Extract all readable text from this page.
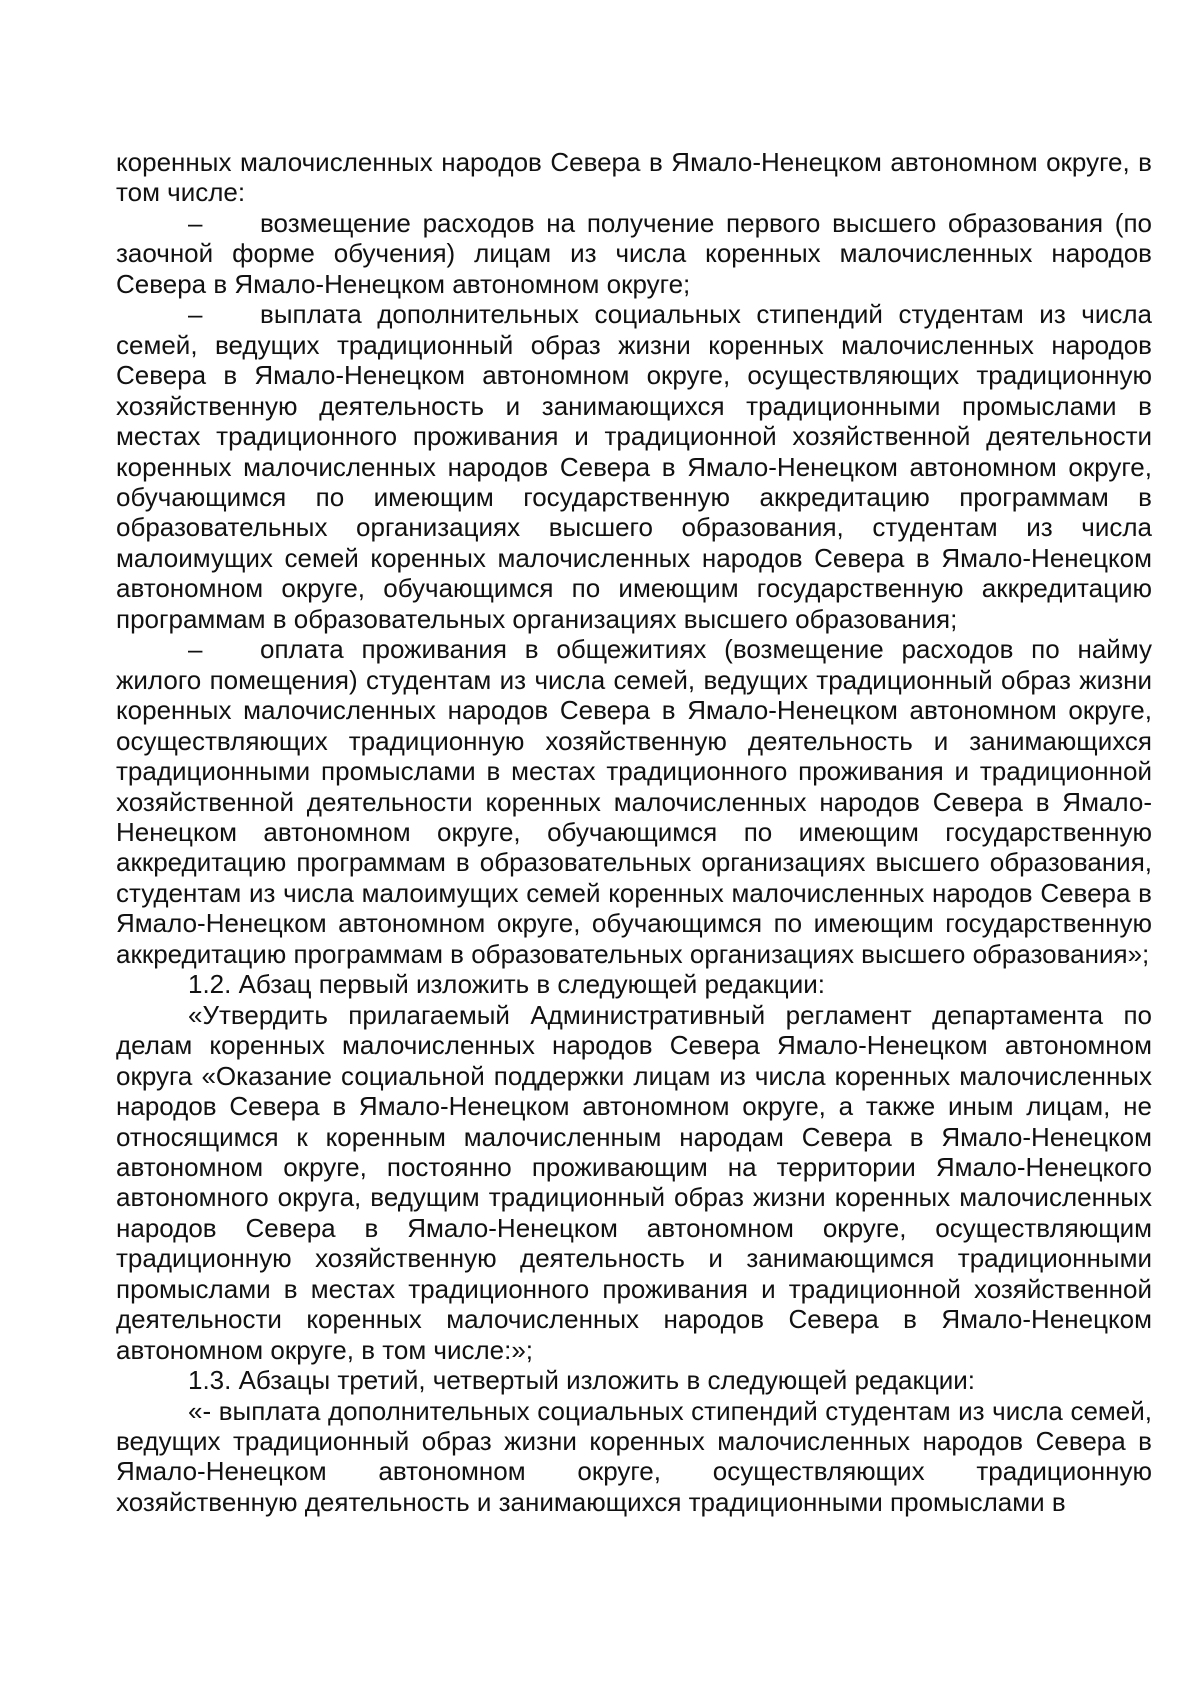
коренных малочисленных народов Севера в Ямало-Ненецком автономном округе, в том числе:

– возмещение расходов на получение первого высшего образования (по заочной форме обучения) лицам из числа коренных малочисленных народов Севера в Ямало-Ненецком автономном округе;

– выплата дополнительных социальных стипендий студентам из числа семей, ведущих традиционный образ жизни коренных малочисленных народов Севера в Ямало-Ненецком автономном округе, осуществляющих традиционную хозяйственную деятельность и занимающихся традиционными промыслами в местах традиционного проживания и традиционной хозяйственной деятельности коренных малочисленных народов Севера в Ямало-Ненецком автономном округе, обучающимся по имеющим государственную аккредитацию программам в образовательных организациях высшего образования, студентам из числа малоимущих семей коренных малочисленных народов Севера в Ямало-Ненецком автономном округе, обучающимся по имеющим государственную аккредитацию программам в образовательных организациях высшего образования;

– оплата проживания в общежитиях (возмещение расходов по найму жилого помещения) студентам из числа семей, ведущих традиционный образ жизни коренных малочисленных народов Севера в Ямало-Ненецком автономном округе, осуществляющих традиционную хозяйственную деятельность и занимающихся традиционными промыслами в местах традиционного проживания и традиционной хозяйственной деятельности коренных малочисленных народов Севера в Ямало-Ненецком автономном округе, обучающимся по имеющим государственную аккредитацию программам в образовательных организациях высшего образования, студентам из числа малоимущих семей коренных малочисленных народов Севера в Ямало-Ненецком автономном округе, обучающимся по имеющим государственную аккредитацию программам в образовательных организациях высшего образования»;

1.2. Абзац первый изложить в следующей редакции:

«Утвердить прилагаемый Административный регламент департамента по делам коренных малочисленных народов Севера Ямало-Ненецком автономном округа «Оказание социальной поддержки лицам из числа коренных малочисленных народов Севера в Ямало-Ненецком автономном округе, а также иным лицам, не относящимся к коренным малочисленным народам Севера в Ямало-Ненецком автономном округе, постоянно проживающим на территории Ямало-Ненецкого автономного округа, ведущим традиционный образ жизни коренных малочисленных народов Севера в Ямало-Ненецком автономном округе, осуществляющим традиционную хозяйственную деятельность и занимающимся традиционными промыслами в местах традиционного проживания и традиционной хозяйственной деятельности коренных малочисленных народов Севера в Ямало-Ненецком автономном округе, в том числе:»;

1.3. Абзацы третий, четвертый изложить в следующей редакции:

«- выплата дополнительных социальных стипендий студентам из числа семей, ведущих традиционный образ жизни коренных малочисленных народов Севера в Ямало-Ненецком автономном округе, осуществляющих традиционную хозяйственную деятельность и занимающихся традиционными промыслами в
